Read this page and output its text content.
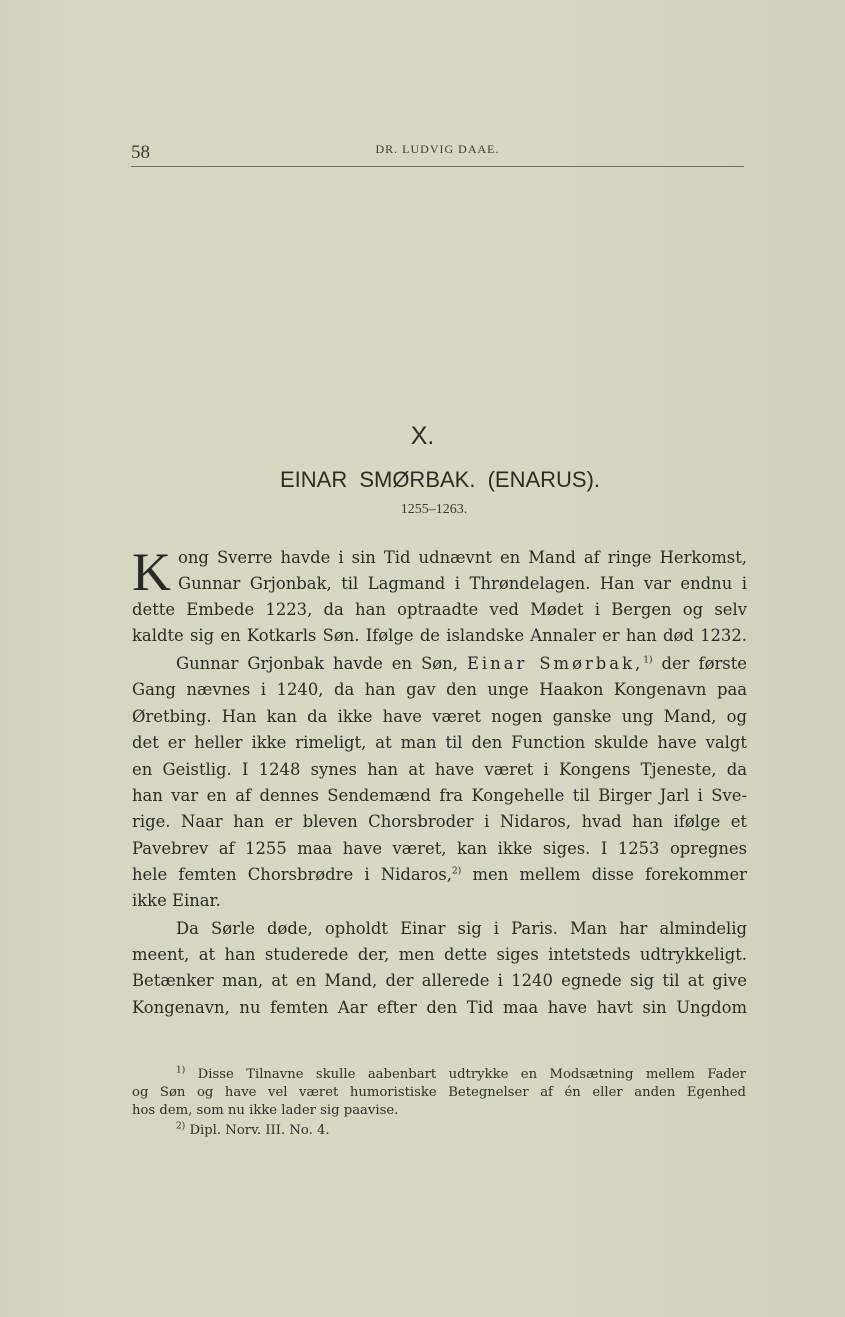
58	DR. LUDVIG DAAE.
X.
EINAR SMØRBAK. (ENARUS).
1255–1263.
K ong Sverre havde i sin Tid udnævnt en Mand af ringe Herkomst,
Gunnar Grjonbak, til Lagmand i Thrøndelagen. Han var endnu i
dette Embede 1223, da han optraadte ved Mødet i Bergen og selv
kaldte sig en Kotkarls Søn. Ifølge de islandske Annaler er han død 1232.
Gunnar Grjonbak havde en Søn, Einar Smørbak,$^{1)}$ der første
Gang nævnes i 1240, da han gav den unge Haakon Kongenavn paa
Øretbing. Han kan da ikke have været nogen ganske ung Mand, og
det er heller ikke rimeligt, at man til den Function skulde have valgt
en Geistlig. I 1248 synes han at have været i Kongens Tjeneste, da
han var en af dennes Sendemænd fra Kongehelle til Birger Jarl i Sve-
rige. Naar han er bleven Chorsbroder i Nidaros, hvad han ifølge et
Pavebrev af 1255 maa have været, kan ikke siges. I 1253 opregnes
hele femten Chorsbrødre i Nidaros,$^{2)}$ men mellem disse forekommer
ikke Einar.
Da Sørle døde, opholdt Einar sig i Paris. Man har almindelig
meent, at han studerede der, men dette siges intetsteds udtrykkeligt.
Betænker man, at en Mand, der allerede i 1240 egnede sig til at give
Kongenavn, nu femten Aar efter den Tid maa have havt sin Ungdom
$^{1)}$ Disse Tilnavne skulle aabenbart udtrykke en Modsætning mellem Fader
og Søn og have vel været humoristiske Betegnelser af én eller anden Egenhed
hos dem, som nu ikke lader sig paavise.
$^{2)}$ Dipl. Norv. III. No. 4.
